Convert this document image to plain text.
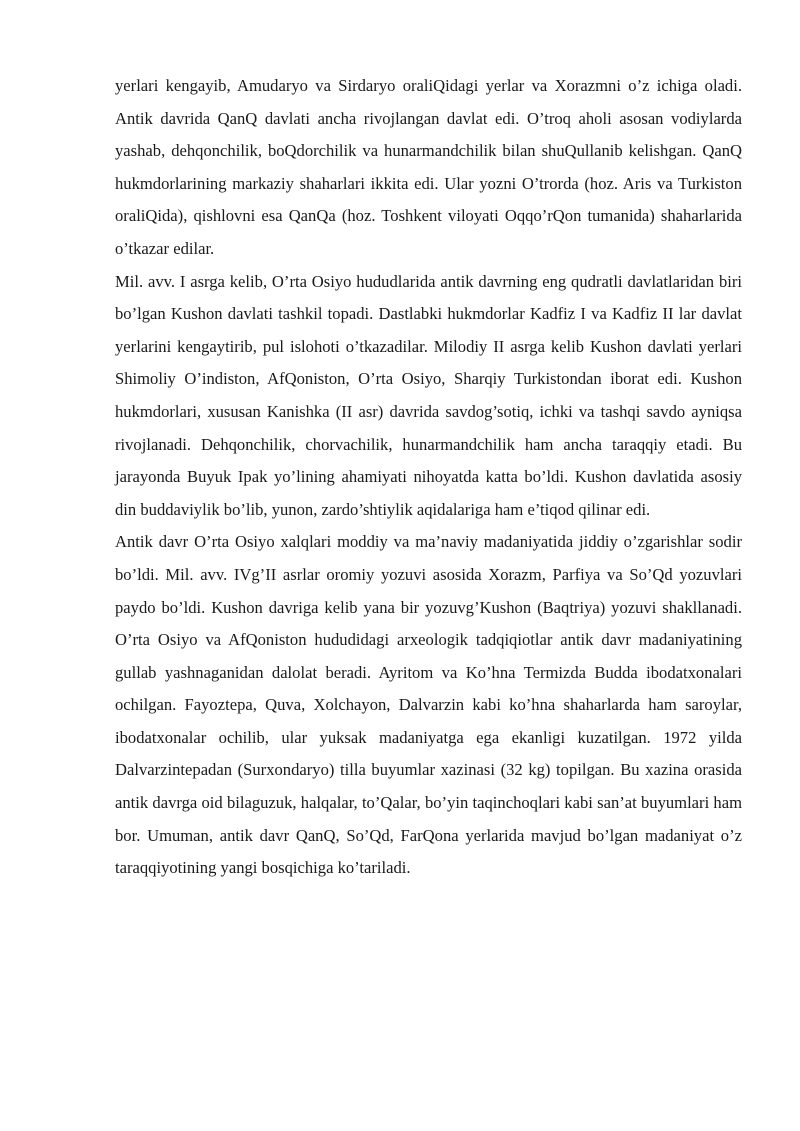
yerlari kengayib, Amudaryo va Sirdaryo oraliQidagi yerlar va Xorazmni o’z ichiga oladi. Antik davrida QanQ davlati ancha rivojlangan davlat edi. O’troq aholi asosan vodiylarda yashab, dehqonchilik, boQdorchilik va hunarmandchilik bilan shuQullanib kelishgan. QanQ hukmdorlarining markaziy shaharlari ikkita edi. Ular yozni O’trorda (hoz. Aris va Turkiston oraliQida), qishlovni esa QanQa (hoz. Toshkent viloyati Oqqo’rQon tumanida) shaharlarida o’tkazar edilar.

Mil. avv. I asrga kelib, O’rta Osiyo hududlarida antik davrning eng qudratli davlatlaridan biri bo’lgan Kushon davlati tashkil topadi. Dastlabki hukmdorlar Kadfiz I va Kadfiz II lar davlat yerlarini kengaytirib, pul islohoti o’tkazadilar. Milodiy II asrga kelib Kushon davlati yerlari Shimoliy O’indiston, AfQoniston, O’rta Osiyo, Sharqiy Turkistondan iborat edi. Kushon hukmdorlari, xususan Kanishka (II asr) davrida savdog’sotiq, ichki va tashqi savdo ayniqsa rivojlanadi. Dehqonchilik, chorvachilik, hunarmandchilik ham ancha taraqqiy etadi. Bu jarayonda Buyuk Ipak yo’lining ahamiyati nihoyatda katta bo’ldi. Kushon davlatida asosiy din buddaviylik bo’lib, yunon, zardo’shtiylik aqidalariga ham e’tiqod qilinar edi.

Antik davr O’rta Osiyo xalqlari moddiy va ma’naviy madaniyatida jiddiy o’zgarishlar sodir bo’ldi. Mil. avv. IVg’II asrlar oromiy yozuvi asosida Xorazm, Parfiya va So’Qd yozuvlari paydo bo’ldi. Kushon davriga kelib yana bir yozuvg’Kushon (Baqtriya) yozuvi shakllanadi. O’rta Osiyo va AfQoniston hududidagi arxeologik tadqiqiotlar antik davr madaniyatining gullab yashnaganidan dalolat beradi. Ayritom va Ko’hna Termizda Budda ibodatxonalari ochilgan. Fayoztepa, Quva, Xolchayon, Dalvarzin kabi ko’hna shaharlarda ham saroylar, ibodatxonalar ochilib, ular yuksak madaniyatga ega ekanligi kuzatilgan. 1972 yilda Dalvarzintepadan (Surxondaryo) tilla buyumlar xazinasi (32 kg) topilgan. Bu xazina orasida antik davrga oid bilaguzuk, halqalar, to’Qalar, bo’yin taqinchoqlari kabi san’at buyumlari ham bor. Umuman, antik davr QanQ, So’Qd, FarQona yerlarida mavjud bo’lgan madaniyat o’z taraqqiyotining yangi bosqichiga ko’tariladi.
